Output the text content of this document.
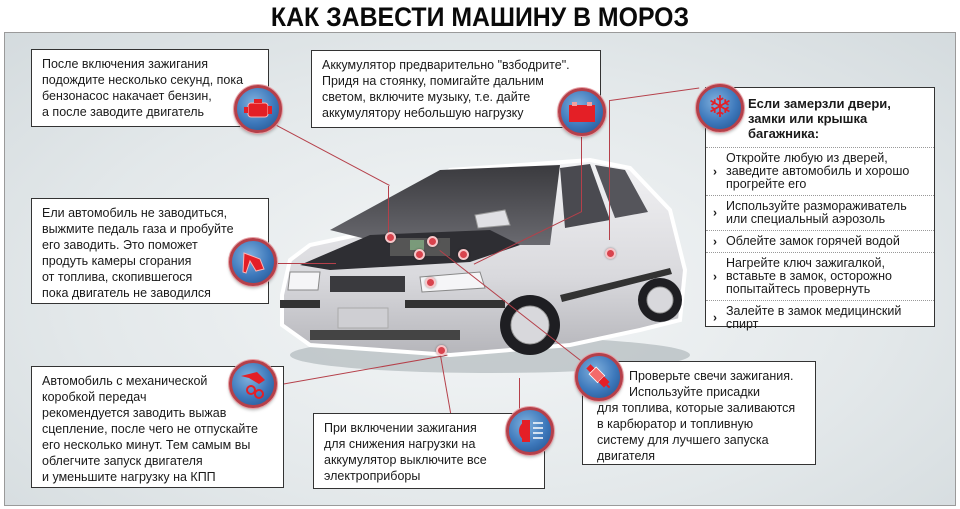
КАК ЗАВЕСТИ МАШИНУ В МОРОЗ

После включения зажигания

подождите несколько секунд, пока

бензонасос накачает бензин,

а после заводите двигатель

Аккумулятор предварительно "взбодрите".

Придя на стоянку, помигайте дальним

светом, включите музыку, т.е. дайте

аккумулятору небольшую нагрузку

Если замерзли двери,

замки или крышка

багажника:

›

Откройте любую из дверей,

заведите автомобиль и хорошо

прогрейте его

› Используйте размораживатель

или специальный аэрозоль

› Облейте замок горячей водой

›

Нагрейте ключ зажигалкой,

вставьте в замок, осторожно

попытайтесь провернуть

› Залейте в замок медицинский

спирт

❄

Ели автомобиль не заводиться,

выжмите педаль газа и пробуйте

его заводить. Это поможет

продуть камеры сгорания

от топлива, скопившегося

пока двигатель не заводился

Автомобиль с механической

коробкой передач

рекомендуется заводить выжав

сцепление, после чего не отпускайте

его несколько минут. Тем самым вы

облегчите запуск двигателя

и уменьшите нагрузку на КПП

При включении зажигания

для снижения нагрузки на

аккумулятор выключите все

электроприборы

Проверьте свечи зажигания.

Используйте присадки

для топлива, которые заливаются

в карбюратор и топливную

систему для лучшего запуска

двигателя
